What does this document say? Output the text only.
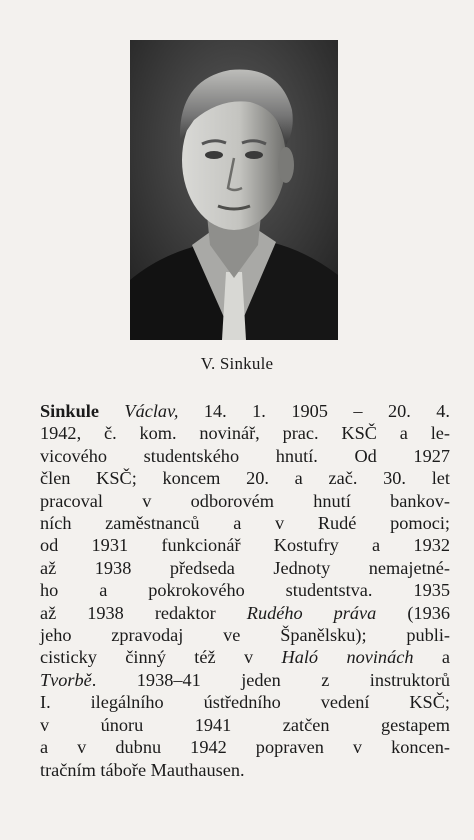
V. Sinkule
Sinkule Václav, 14. 1. 1905 – 20. 4.
1942, č. kom. novinář, prac. KSČ a le-
vicového studentského hnutí. Od 1927
člen KSČ; koncem 20. a zač. 30. let
pracoval v odborovém hnutí bankov-
ních zaměstnanců a v Rudé pomoci;
od 1931 funkcionář Kostufry a 1932
až 1938 předseda Jednoty nemajetné-
ho a pokrokového studentstva. 1935
až 1938 redaktor Rudého práva (1936
jeho zpravodaj ve Španělsku); publi-
cisticky činný též v Haló novinách a
Tvorbě. 1938–41 jeden z instruktorů
I. ilegálního ústředního vedení KSČ;
v únoru 1941 zatčen gestapem
a v dubnu 1942 popraven v koncen-
tračním táboře Mauthausen.
